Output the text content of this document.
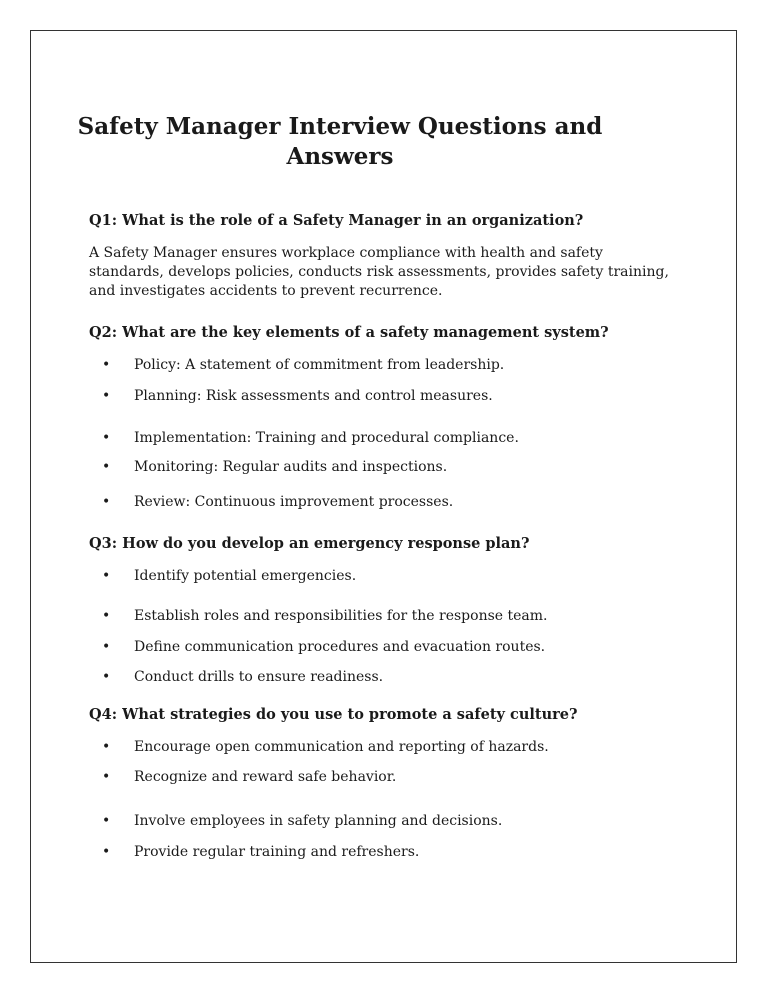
Safety Manager Interview Questions and Answers

Q1: What is the role of a Safety Manager in an organization?

A Safety Manager ensures workplace compliance with health and safety standards, develops policies, conducts risk assessments, provides safety training, and investigates accidents to prevent recurrence.

Q2: What are the key elements of a safety management system?

• Policy: A statement of commitment from leadership.
• Planning: Risk assessments and control measures.
• Implementation: Training and procedural compliance.
• Monitoring: Regular audits and inspections.
• Review: Continuous improvement processes.

Q3: How do you develop an emergency response plan?

• Identify potential emergencies.
• Establish roles and responsibilities for the response team.
• Define communication procedures and evacuation routes.
• Conduct drills to ensure readiness.

Q4: What strategies do you use to promote a safety culture?

• Encourage open communication and reporting of hazards.
• Recognize and reward safe behavior.
• Involve employees in safety planning and decisions.
• Provide regular training and refreshers.
